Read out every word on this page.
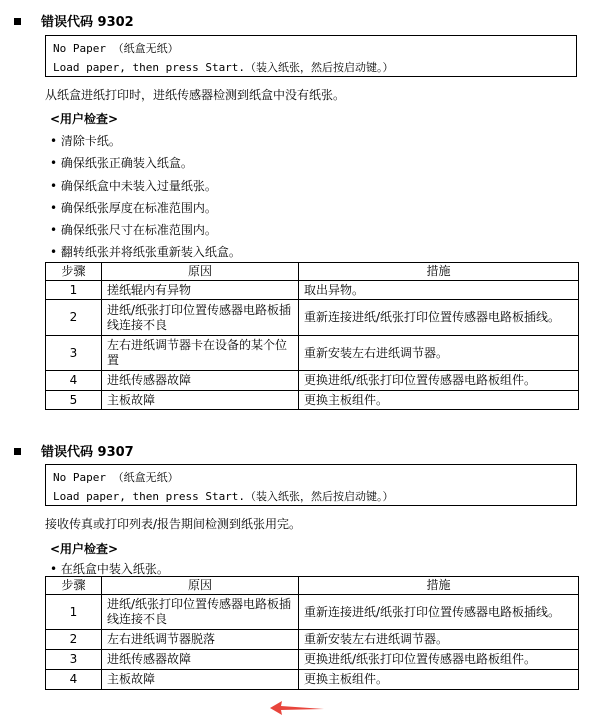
错误代码 9302
No Paper （纸盒无纸）
Load paper, then press Start.（装入纸张，然后按启动键。）
从纸盒进纸打印时，进纸传感器检测到纸盒中没有纸张。
<用户检查>
• 清除卡纸。
• 确保纸张正确装入纸盒。
• 确保纸盒中未装入过量纸张。
• 确保纸张厚度在标准范围内。
• 确保纸张尺寸在标准范围内。
• 翻转纸张并将纸张重新装入纸盒。
步骤	原因	措施
1	搓纸辊内有异物	取出异物。
2	进纸/纸张打印位置传感器电路板插线连接不良	重新连接进纸/纸张打印位置传感器电路板插线。
3	左右进纸调节器卡在设备的某个位置	重新安装左右进纸调节器。
4	进纸传感器故障	更换进纸/纸张打印位置传感器电路板组件。
5	主板故障	更换主板组件。
错误代码 9307
No Paper （纸盒无纸）
Load paper, then press Start.（装入纸张，然后按启动键。）
接收传真或打印列表/报告期间检测到纸张用完。
<用户检查>
• 在纸盒中装入纸张。
步骤	原因	措施
1	进纸/纸张打印位置传感器电路板插线连接不良	重新连接进纸/纸张打印位置传感器电路板插线。
2	左右进纸调节器脱落	重新安装左右进纸调节器。
3	进纸传感器故障	更换进纸/纸张打印位置传感器电路板组件。
4	主板故障	更换主板组件。
